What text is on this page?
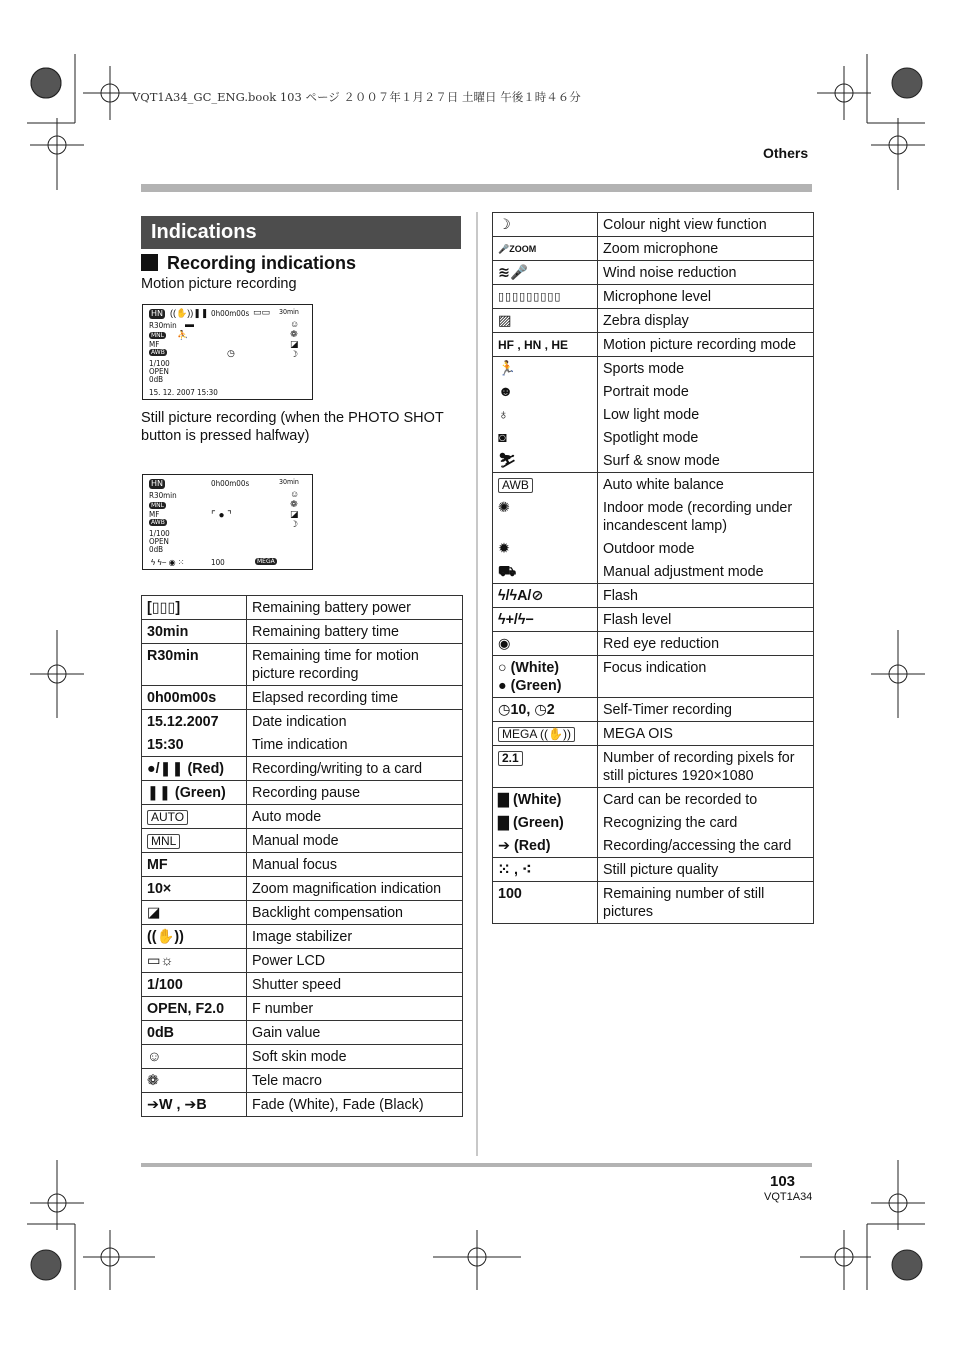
VQT1A34_GC_ENG.book 103 ページ ２００７年１月２７日 土曜日 午後１時４６分
Others
Indications
Recording indications
Motion picture recording
HN ((✋))❚❚ 0h00m00s ▭▭ 30min
R30min
MNL
MF
AWB
1/100
OPEN
0dB
15. 12. 2007 15:30
▬
⛹
◷
☺
❁
◪
☽
Still picture recording (when the PHOTO SHOT button is pressed halfway)
HN	0h00m00s	30min
R30min
MNL
MF
AWB
1/100
OPEN
0dB
⌜ ● ⌝
ϟ ϟ− ◉ ⁙	100	MEGA
☺
❁
◪
☽
[▯▯▯]	Remaining battery power
30min	Remaining battery time
R30min	Remaining time for motion picture recording
0h00m00s	Elapsed recording time
15.12.2007	Date indication
15:30	Time indication
●/❚❚ (Red)	Recording/writing to a card
❚❚ (Green)	Recording pause
AUTO	Auto mode
MNL	Manual mode
MF	Manual focus
10×	Zoom magnification indication
◪	Backlight compensation
((✋))	Image stabilizer
▭☼	Power LCD
1/100	Shutter speed
OPEN, F2.0	F number
0dB	Gain value
☺	Soft skin mode
❁	Tele macro
➔W , ➔B	Fade (White), Fade (Black)
☽	Colour night view function
🎤ZOOM	Zoom microphone
≋🎤	Wind noise reduction
▯▯▯▯▯▯▯▯▯	Microphone level
▨	Zebra display
HF , HN , HE	Motion picture recording mode
🏃	Sports mode
☻	Portrait mode
♁	Low light mode
◙	Spotlight mode
⛷	Surf & snow mode
AWB	Auto white balance
✺	Indoor mode (recording under incandescent lamp)
✹	Outdoor mode
⛟	Manual adjustment mode
ϟ/ϟA/⊘	Flash
ϟ+/ϟ−	Flash level
◉	Red eye reduction
○ (White)
● (Green)	Focus indication
◷10, ◷2	Self-Timer recording
MEGA ((✋))	MEGA OIS
2.1	Number of recording pixels for still pictures 1920×1080
▇ (White)	Card can be recorded to
▇ (Green)	Recognizing the card
➔ (Red)	Recording/accessing the card
⁙ , ⁖	Still picture quality
100	Remaining number of still pictures
103
VQT1A34
